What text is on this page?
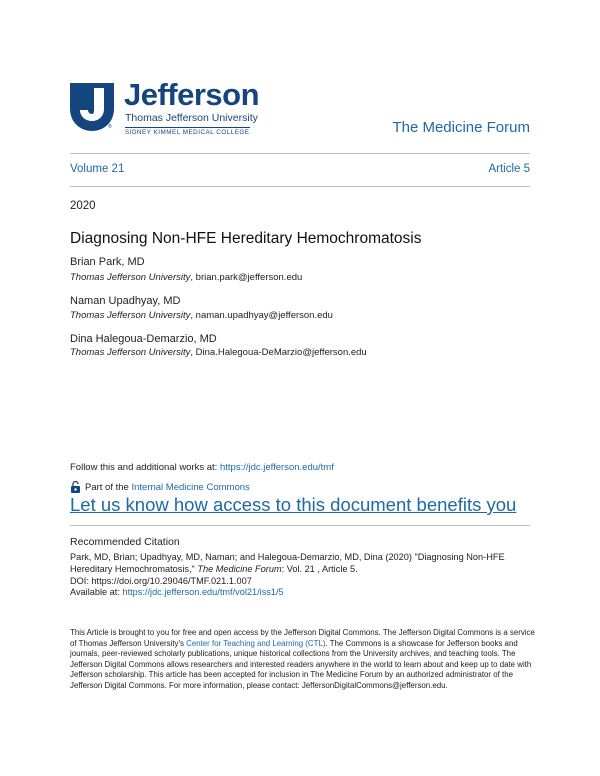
®
Jefferson
Thomas Jefferson University
SIDNEY KIMMEL MEDICAL COLLEGE	The Medicine Forum
Volume 21	Article 5
2020
Diagnosing Non-HFE Hereditary Hemochromatosis
Brian Park, MD
Thomas Jefferson University, brian.park@jefferson.edu
Naman Upadhyay, MD
Thomas Jefferson University, naman.upadhyay@jefferson.edu
Dina Halegoua-Demarzio, MD
Thomas Jefferson University, Dina.Halegoua-DeMarzio@jefferson.edu
Follow this and additional works at: https://jdc.jefferson.edu/tmf
Part of the
Internal Medicine Commons
Let us know how access to this document benefits you
Recommended Citation
Park, MD, Brian; Upadhyay, MD, Naman; and Halegoua-Demarzio, MD, Dina (2020) "Diagnosing Non-HFE
Hereditary Hemochromatosis," The Medicine Forum: Vol. 21 , Article 5.
DOI: https://doi.org/10.29046/TMF.021.1.007
Available at: https://jdc.jefferson.edu/tmf/vol21/iss1/5
This Article is brought to you for free and open access by the Jefferson Digital Commons. The Jefferson Digital Commons is a service of Thomas Jefferson University's Center for Teaching and Learning (CTL). The Commons is a showcase for Jefferson books and journals, peer-reviewed scholarly publications, unique historical collections from the University archives, and teaching tools. The Jefferson Digital Commons allows researchers and interested readers anywhere in the world to learn about and keep up to date with Jefferson scholarship. This article has been accepted for inclusion in The Medicine Forum by an authorized administrator of the Jefferson Digital Commons. For more information, please contact: JeffersonDigitalCommons@jefferson.edu.
